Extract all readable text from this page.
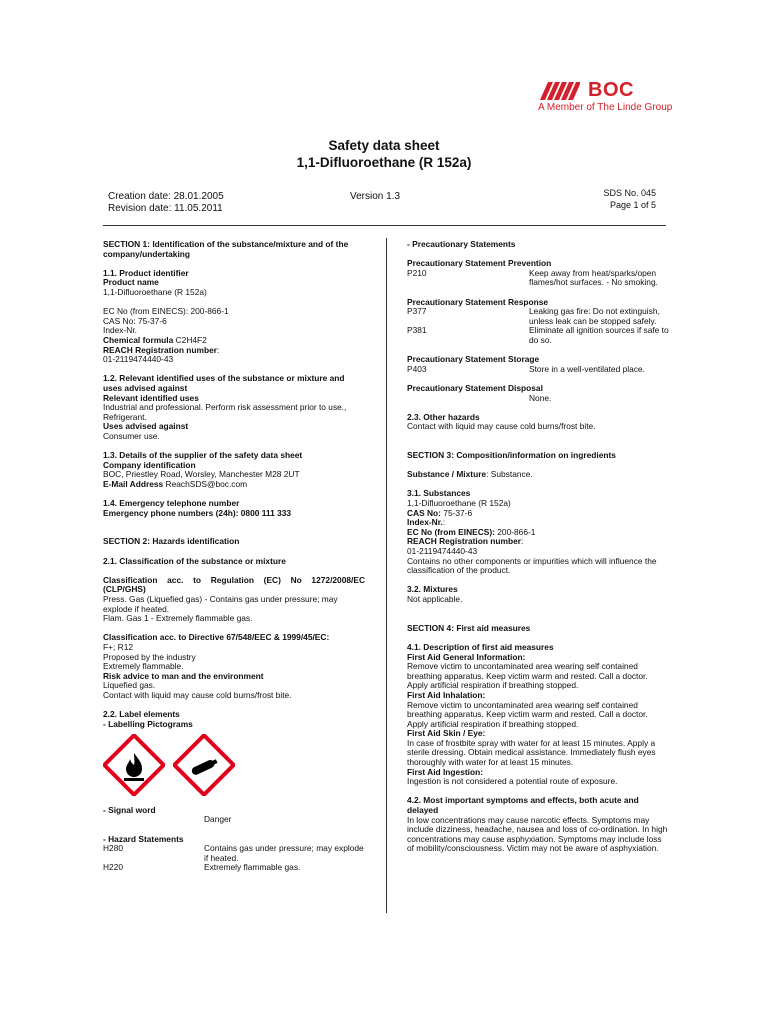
BOC
A Member of The Linde Group
Safety data sheet
1,1-Difluoroethane (R 152a)
Creation date: 28.01.2005
Revision date: 11.05.2011
Version 1.3	SDS No. 045
Page 1 of 5

SECTION 1: Identification of the substance/mixture and of the company/undertaking

1.1. Product identifier

Product name

1,1-Difluoroethane (R 152a)

EC No (from EINECS): 200-866-1

CAS No: 75-37-6

Index-Nr.

Chemical formula C2H4F2

REACH Registration number:

01-2119474440-43

1.2. Relevant identified uses of the substance or mixture and uses advised against

Relevant identified uses

Industrial and professional. Perform risk assessment prior to use., Refrigerant.

Uses advised against

Consumer use.

1.3. Details of the supplier of the safety data sheet

Company identification

BOC, Priestley Road, Worsley, Manchester M28 2UT

E-Mail Address ReachSDS@boc.com

1.4. Emergency telephone number

Emergency phone numbers (24h): 0800 111 333

SECTION 2: Hazards identification

2.1. Classification of the substance or mixture

Classification acc. to Regulation (EC) No 1272/2008/EC (CLP/GHS)

Press. Gas (Liquefied gas) - Contains gas under pressure; may explode if heated.

Flam. Gas 1 - Extremely flammable gas.

Classification acc. to Directive 67/548/EEC & 1999/45/EC:

F+; R12

Proposed by the industry

Extremely flammable.

Risk advice to man and the environment

Liquefied gas.

Contact with liquid may cause cold burns/frost bite.

2.2. Label elements

- Labelling Pictograms

- Signal word

Danger

- Hazard Statements

H280	Contains gas under pressure; may explode if heated.
H220	Extremely flammable gas.

- Precautionary Statements

Precautionary Statement Prevention

P210	Keep away from heat/sparks/open flames/hot surfaces. - No smoking.

Precautionary Statement Response

P377	Leaking gas fire: Do not extinguish, unless leak can be stopped safely.
P381	Eliminate all ignition sources if safe to do so.

Precautionary Statement Storage

P403	Store in a well-ventilated place.

Precautionary Statement Disposal

None.

2.3. Other hazards

Contact with liquid may cause cold burns/frost bite.

SECTION 3: Composition/information on ingredients

Substance / Mixture: Substance.

3.1. Substances

1,1-Difluoroethane (R 152a)

CAS No: 75-37-6

Index-Nr.:

EC No (from EINECS): 200-866-1

REACH Registration number:

01-2119474440-43

Contains no other components or impurities which will influence the classification of the product.

3.2. Mixtures

Not applicable.

SECTION 4: First aid measures

4.1. Description of first aid measures

First Aid General Information:

Remove victim to uncontaminated area wearing self contained breathing apparatus. Keep victim warm and rested. Call a doctor. Apply artificial respiration if breathing stopped.

First Aid Inhalation:

Remove victim to uncontaminated area wearing self contained breathing apparatus. Keep victim warm and rested. Call a doctor. Apply artificial respiration if breathing stopped.

First Aid Skin / Eye:

In case of frostbite spray with water for at least 15 minutes. Apply a sterile dressing. Obtain medical assistance. Immediately flush eyes thoroughly with water for at least 15 minutes.

First Aid Ingestion:

Ingestion is not considered a potential route of exposure.

4.2. Most important symptoms and effects, both acute and delayed

In low concentrations may cause narcotic effects. Symptoms may include dizziness, headache, nausea and loss of co-ordination. In high concentrations may cause asphyxiation. Symptoms may include loss of mobility/consciousness. Victim may not be aware of asphyxiation.
